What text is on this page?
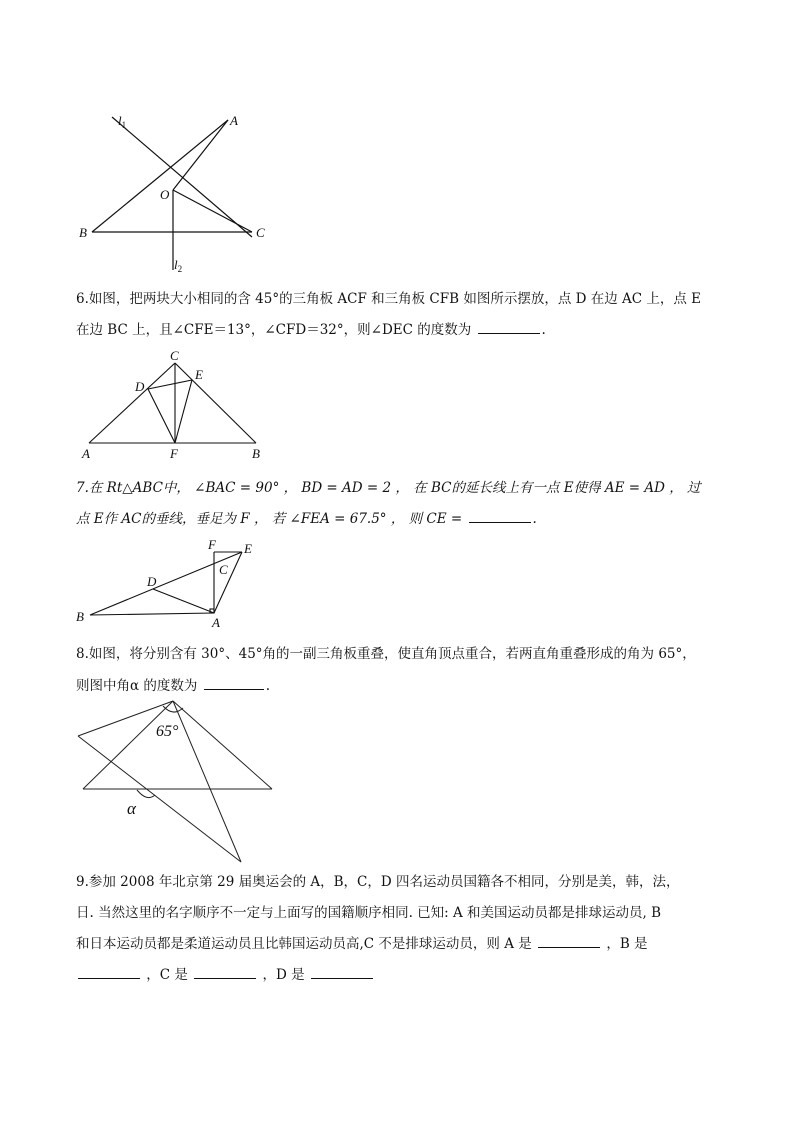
$l_1$	A
O
B	C
$l_2$
6.如图，把两块大小相同的含 45°的三角板 ACF 和三角板 CFB 如图所示摆放，点 D 在边 AC 上，点 E
在边 BC 上，且∠CFE＝13°，∠CFD＝32°，则∠DEC 的度数为	.
C
D
E
A	F	B
7.在 Rt△ABC中， ∠BAC = 90° ， BD = AD = 2 ， 在 BC的延长线上有一点 E使得 AE = AD ， 过
点 E作 AC的垂线，垂足为 F ， 若 ∠FEA = 67.5° ， 则 CE =	.
F E
C
D
B	A
8.如图，将分别含有 30°、45°角的一副三角板重叠，使直角顶点重合，若两直角重叠形成的角为 65°，
则图中角α 的度数为	.
65°
α
9.参加 2008 年北京第 29 届奥运会的 A，B，C，D 四名运动员国籍各不相同，分别是美，韩，法，
日. 当然这里的名字顺序不一定与上面写的国籍顺序相同. 已知: A 和美国运动员都是排球运动员, B
和日本运动员都是柔道运动员且比韩国运动员高,C 不是排球运动员，则 A 是	，B 是
，C 是	，D 是
